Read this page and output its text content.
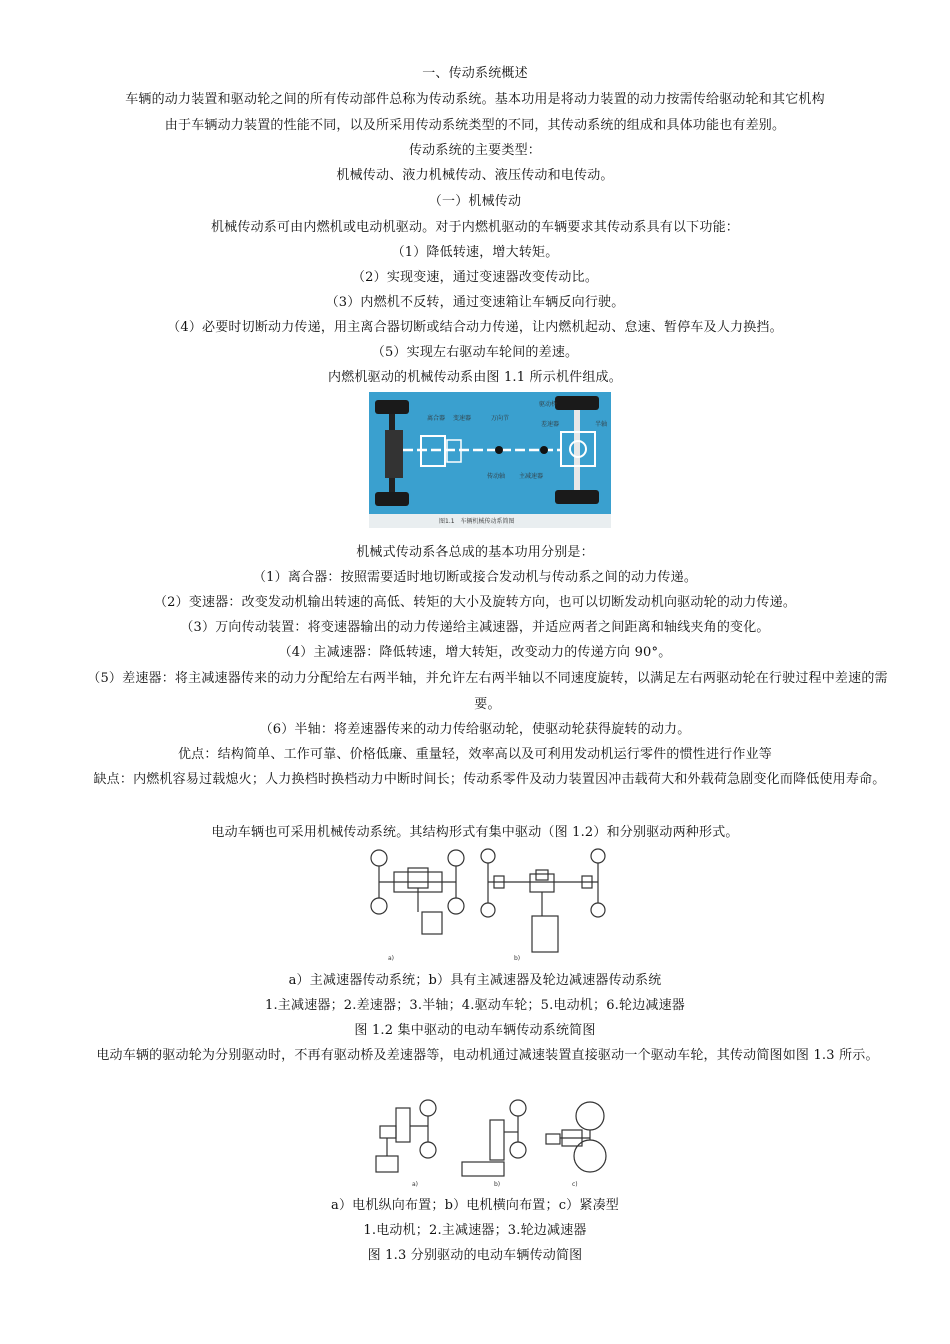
一、传动系统概述
车辆的动力装置和驱动轮之间的所有传动部件总称为传动系统。基本功用是将动力装置的动力按需传给驱动轮和其它机构
由于车辆动力装置的性能不同，以及所采用传动系统类型的不同，其传动系统的组成和具体功能也有差别。
传动系统的主要类型：
机械传动、液力机械传动、液压传动和电传动。
（一）机械传动
机械传动系可由内燃机或电动机驱动。对于内燃机驱动的车辆要求其传动系具有以下功能：
（1）降低转速，增大转矩。
（2）实现变速，通过变速器改变传动比。
（3）内燃机不反转，通过变速箱让车辆反向行驶。
（4）必要时切断动力传递，用主离合器切断或结合动力传递，让内燃机起动、怠速、暂停车及人力换挡。
（5）实现左右驱动车轮间的差速。
内燃机驱动的机械传动系由图 1.1 所示机件组成。
离合器 变速器	万向节
驱动桥
差速器	半轴
传动轴 主减速器
图1.1　车辆机械传动系简图
机械式传动系各总成的基本功用分别是：
（1）离合器：按照需要适时地切断或接合发动机与传动系之间的动力传递。
（2）变速器：改变发动机输出转速的高低、转矩的大小及旋转方向，也可以切断发动机向驱动轮的动力传递。
（3）万向传动装置：将变速器输出的动力传递给主减速器，并适应两者之间距离和轴线夹角的变化。
（4）主减速器：降低转速，增大转矩，改变动力的传递方向 90°。
（5）差速器：将主减速器传来的动力分配给左右两半轴，并允许左右两半轴以不同速度旋转，以满足左右两驱动轮在行驶过程中差速的需要。
（6）半轴：将差速器传来的动力传给驱动轮，使驱动轮获得旋转的动力。
优点：结构简单、工作可靠、价格低廉、重量轻，效率高以及可利用发动机运行零件的惯性进行作业等
缺点：内燃机容易过载熄火；人力换档时换档动力中断时间长；传动系零件及动力装置因冲击载荷大和外载荷急剧变化而降低使用寿命。
电动车辆也可采用机械传动系统。其结构形式有集中驱动（图 1.2）和分别驱动两种形式。
a)	b)
a）主减速器传动系统；b）具有主减速器及轮边减速器传动系统
1.主减速器；2.差速器；3.半轴；4.驱动车轮；5.电动机；6.轮边减速器
图 1.2 集中驱动的电动车辆传动系统简图
电动车辆的驱动轮为分别驱动时，不再有驱动桥及差速器等，电动机通过减速装置直接驱动一个驱动车轮，其传动简图如图 1.3 所示。
a)	b)	c)
a）电机纵向布置；b）电机横向布置；c）紧凑型
1.电动机；2.主减速器；3.轮边减速器
图 1.3 分别驱动的电动车辆传动简图
